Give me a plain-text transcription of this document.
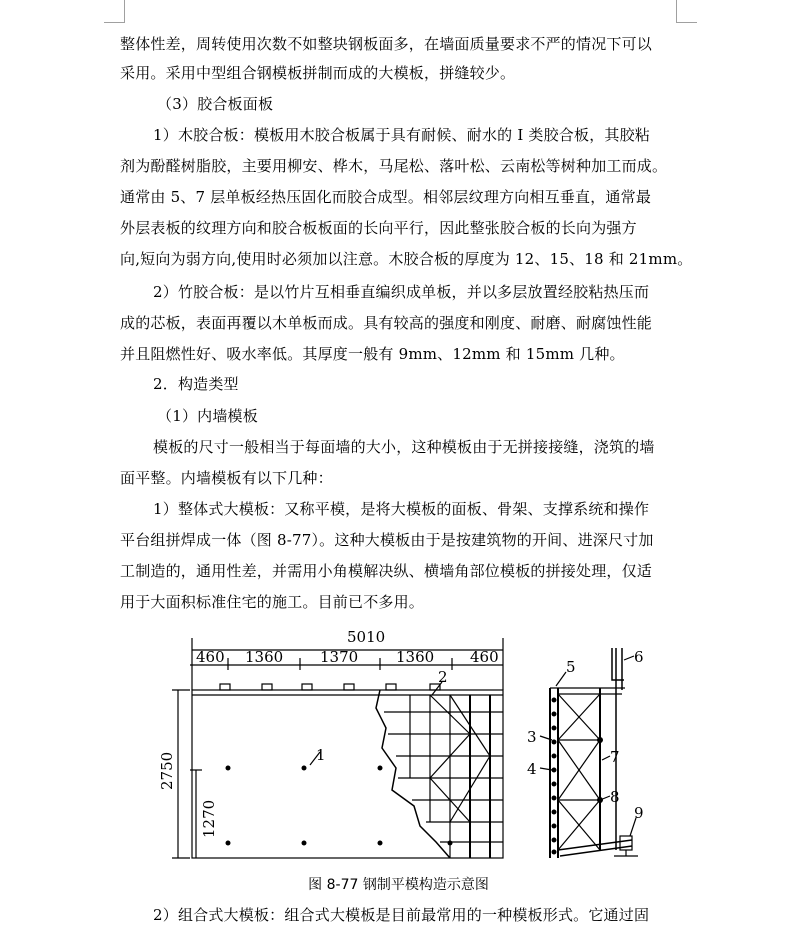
整体性差，周转使用次数不如整块钢板面多，在墙面质量要求不严的情况下可以
采用。采用中型组合钢模板拼制而成的大模板，拼缝较少。
（3）胶合板面板
1）木胶合板：模板用木胶合板属于具有耐候、耐水的 I 类胶合板，其胶粘
剂为酚醛树脂胶，主要用柳安、桦木，马尾松、落叶松、云南松等树种加工而成。
通常由 5、7 层单板经热压固化而胶合成型。相邻层纹理方向相互垂直，通常最
外层表板的纹理方向和胶合板板面的长向平行，因此整张胶合板的长向为强方
向,短向为弱方向,使用时必须加以注意。木胶合板的厚度为 12、15、18 和 21mm。
2）竹胶合板：是以竹片互相垂直编织成单板，并以多层放置经胶粘热压而
成的芯板，表面再覆以木单板而成。具有较高的强度和刚度、耐磨、耐腐蚀性能
并且阻燃性好、吸水率低。其厚度一般有 9mm、12mm 和 15mm 几种。
2．构造类型
（1）内墙模板
模板的尺寸一般相当于每面墙的大小，这种模板由于无拼接接缝，浇筑的墙
面平整。内墙模板有以下几种：
1）整体式大模板：又称平模，是将大模板的面板、骨架、支撑系统和操作
平台组拼焊成一体（图 8-77）。这种大模板由于是按建筑物的开间、进深尺寸加
工制造的，通用性差，并需用小角模解决纵、横墙角部位模板的拼接处理，仅适
用于大面积标准住宅的施工。目前已不多用。
2）组合式大模板：组合式大模板是目前最常用的一种模板形式。它通过固
5010
460 1360 1370	1360 460
2750
1270
1
2
3
4
5
6
7
8
9
图 8-77 钢制平模构造示意图
